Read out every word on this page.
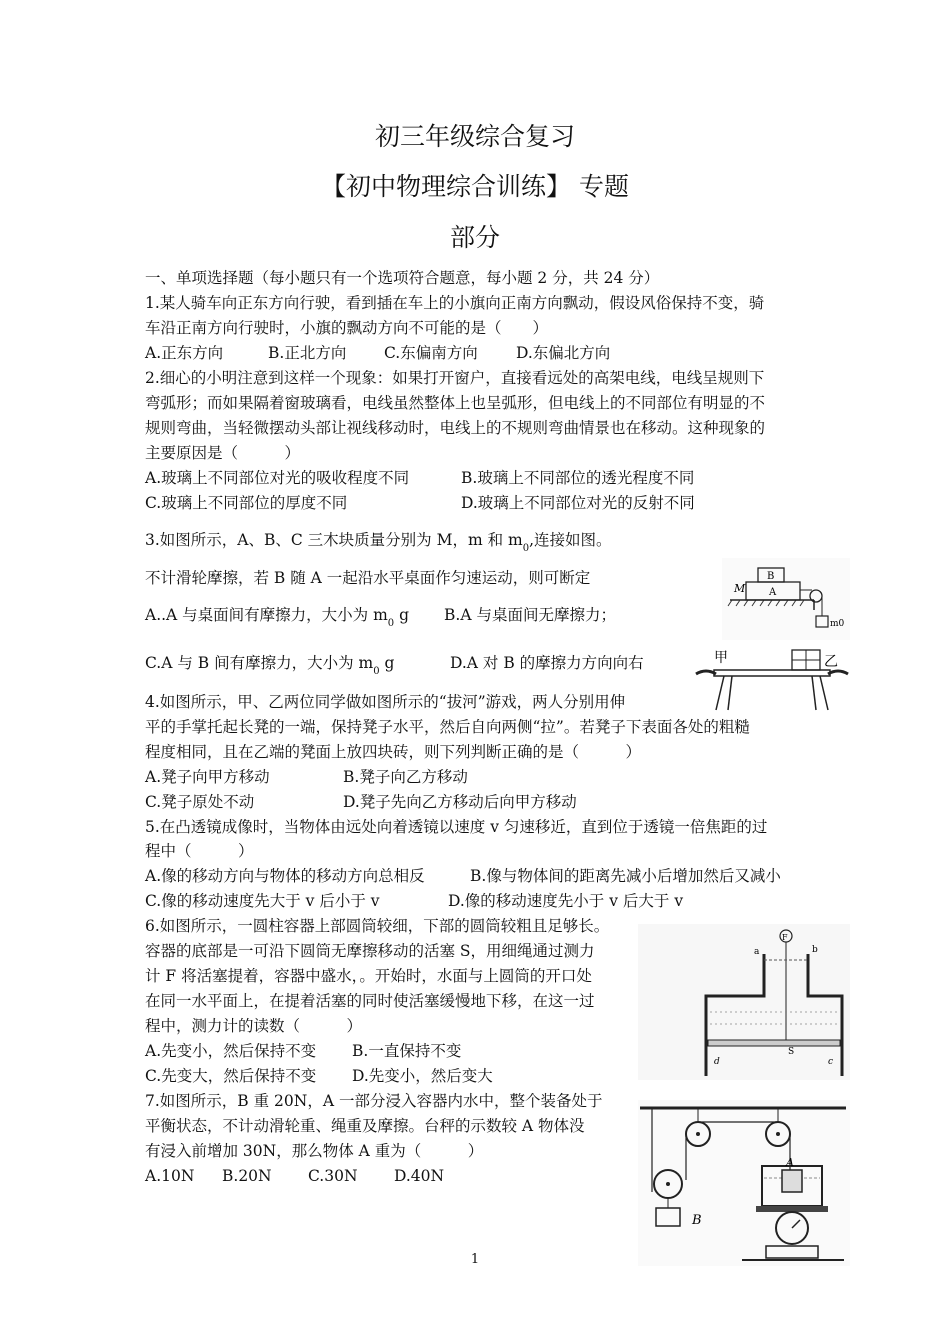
初三年级综合复习
【初中物理综合训练】 专题
部分
一、单项选择题（每小题只有一个选项符合题意，每小题 2 分，共 24 分）
1.某人骑车向正东方向行驶，看到插在车上的小旗向正南方向飘动，假设风俗保持不变，骑
车沿正南方向行驶时，小旗的飘动方向不可能的是（　　）
A.正东方向	B.正北方向 C.东偏南方向 D.东偏北方向
2.细心的小明注意到这样一个现象：如果打开窗户，直接看远处的高架电线，电线呈规则下
弯弧形；而如果隔着窗玻璃看，电线虽然整体上也呈弧形，但电线上的不同部位有明显的不
规则弯曲，当轻微摆动头部让视线移动时，电线上的不规则弯曲情景也在移动。这种现象的
主要原因是（　　　）
A.玻璃上不同部位对光的吸收程度不同	B.玻璃上不同部位的透光程度不同
C.玻璃上不同部位的厚度不同	D.玻璃上不同部位对光的反射不同
3.如图所示，A、B、C 三木块质量分别为 M，m 和 $m_0$,连接如图。
不计滑轮摩擦，若 B 随 A 一起沿水平桌面作匀速运动，则可断定
A..A 与桌面间有摩擦力，大小为 $m_0$ g B.A 与桌面间无摩擦力；
C.A 与 B 间有摩擦力，大小为 $m_0$ g	D.A 对 B 的摩擦力方向向右
M
B
A
m0
甲	乙
4.如图所示，甲、乙两位同学做如图所示的“拔河”游戏，两人分别用伸
平的手掌托起长凳的一端，保持凳子水平，然后自向两侧“拉”。若凳子下表面各处的粗糙
程度相同，且在乙端的凳面上放四块砖，则下列判断正确的是（　　　）
A.凳子向甲方移动	B.凳子向乙方移动
C.凳子原处不动	D.凳子先向乙方移动后向甲方移动
5.在凸透镜成像时，当物体由远处向着透镜以速度 v 匀速移近，直到位于透镜一倍焦距的过
程中（　　　）
A.像的移动方向与物体的移动方向总相反	B.像与物体间的距离先减小后增加然后又减小
C.像的移动速度先大于 v 后小于 v	D.像的移动速度先小于 v 后大于 v
6.如图所示，一圆柱容器上部圆筒较细，下部的圆筒较粗且足够长。
容器的底部是一可沿下圆筒无摩擦移动的活塞 S，用细绳通过测力
计 F 将活塞提着，容器中盛水，。开始时，水面与上圆筒的开口处
在同一水平面上，在提着活塞的同时使活塞缓慢地下移，在这一过
程中，测力计的读数（　　　）
A.先变小，然后保持不变 B.一直保持不变
C.先变大，然后保持不变 D.先变小，然后变大
F
a	b
S
d	c
7.如图所示，B 重 20N，A 一部分浸入容器内水中，整个装备处于
平衡状态，不计动滑轮重、绳重及摩擦。台秤的示数较 A 物体没
有浸入前增加 30N，那么物体 A 重为（　　　）
A.10N B.20N C.30N D.40N
B
A
1
